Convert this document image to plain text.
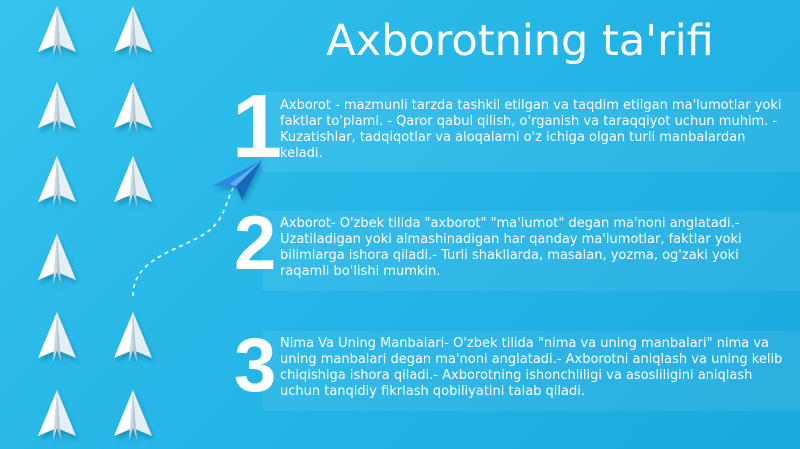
Axborotning ta'rifi
1
Axborot - mazmunli tarzda tashkil etilgan va taqdim etilgan ma'lumotlar yoki faktlar to'plami. - Qaror qabul qilish, o'rganish va taraqqiyot uchun muhim. - Kuzatishlar, tadqiqotlar va aloqalarni o'z ichiga olgan turli manbalardan keladi.
2 Axborot- O'zbek tilida "axborot" "ma'lumot" degan ma'noni anglatadi.- Uzatiladigan yoki almashinadigan har qanday ma'lumotlar, faktlar yoki bilimlarga ishora qiladi.- Turli shakllarda, masalan, yozma, og'zaki yoki raqamli bo'lishi mumkin.
3 Nima Va Uning Manbalari- O'zbek tilida "nima va uning manbalari" nima va uning manbalari degan ma'noni anglatadi.- Axborotni aniqlash va uning kelib chiqishiga ishora qiladi.- Axborotning ishonchliligi va asosliligini aniqlash uchun tanqidiy fikrlash qobiliyatini talab qiladi.
